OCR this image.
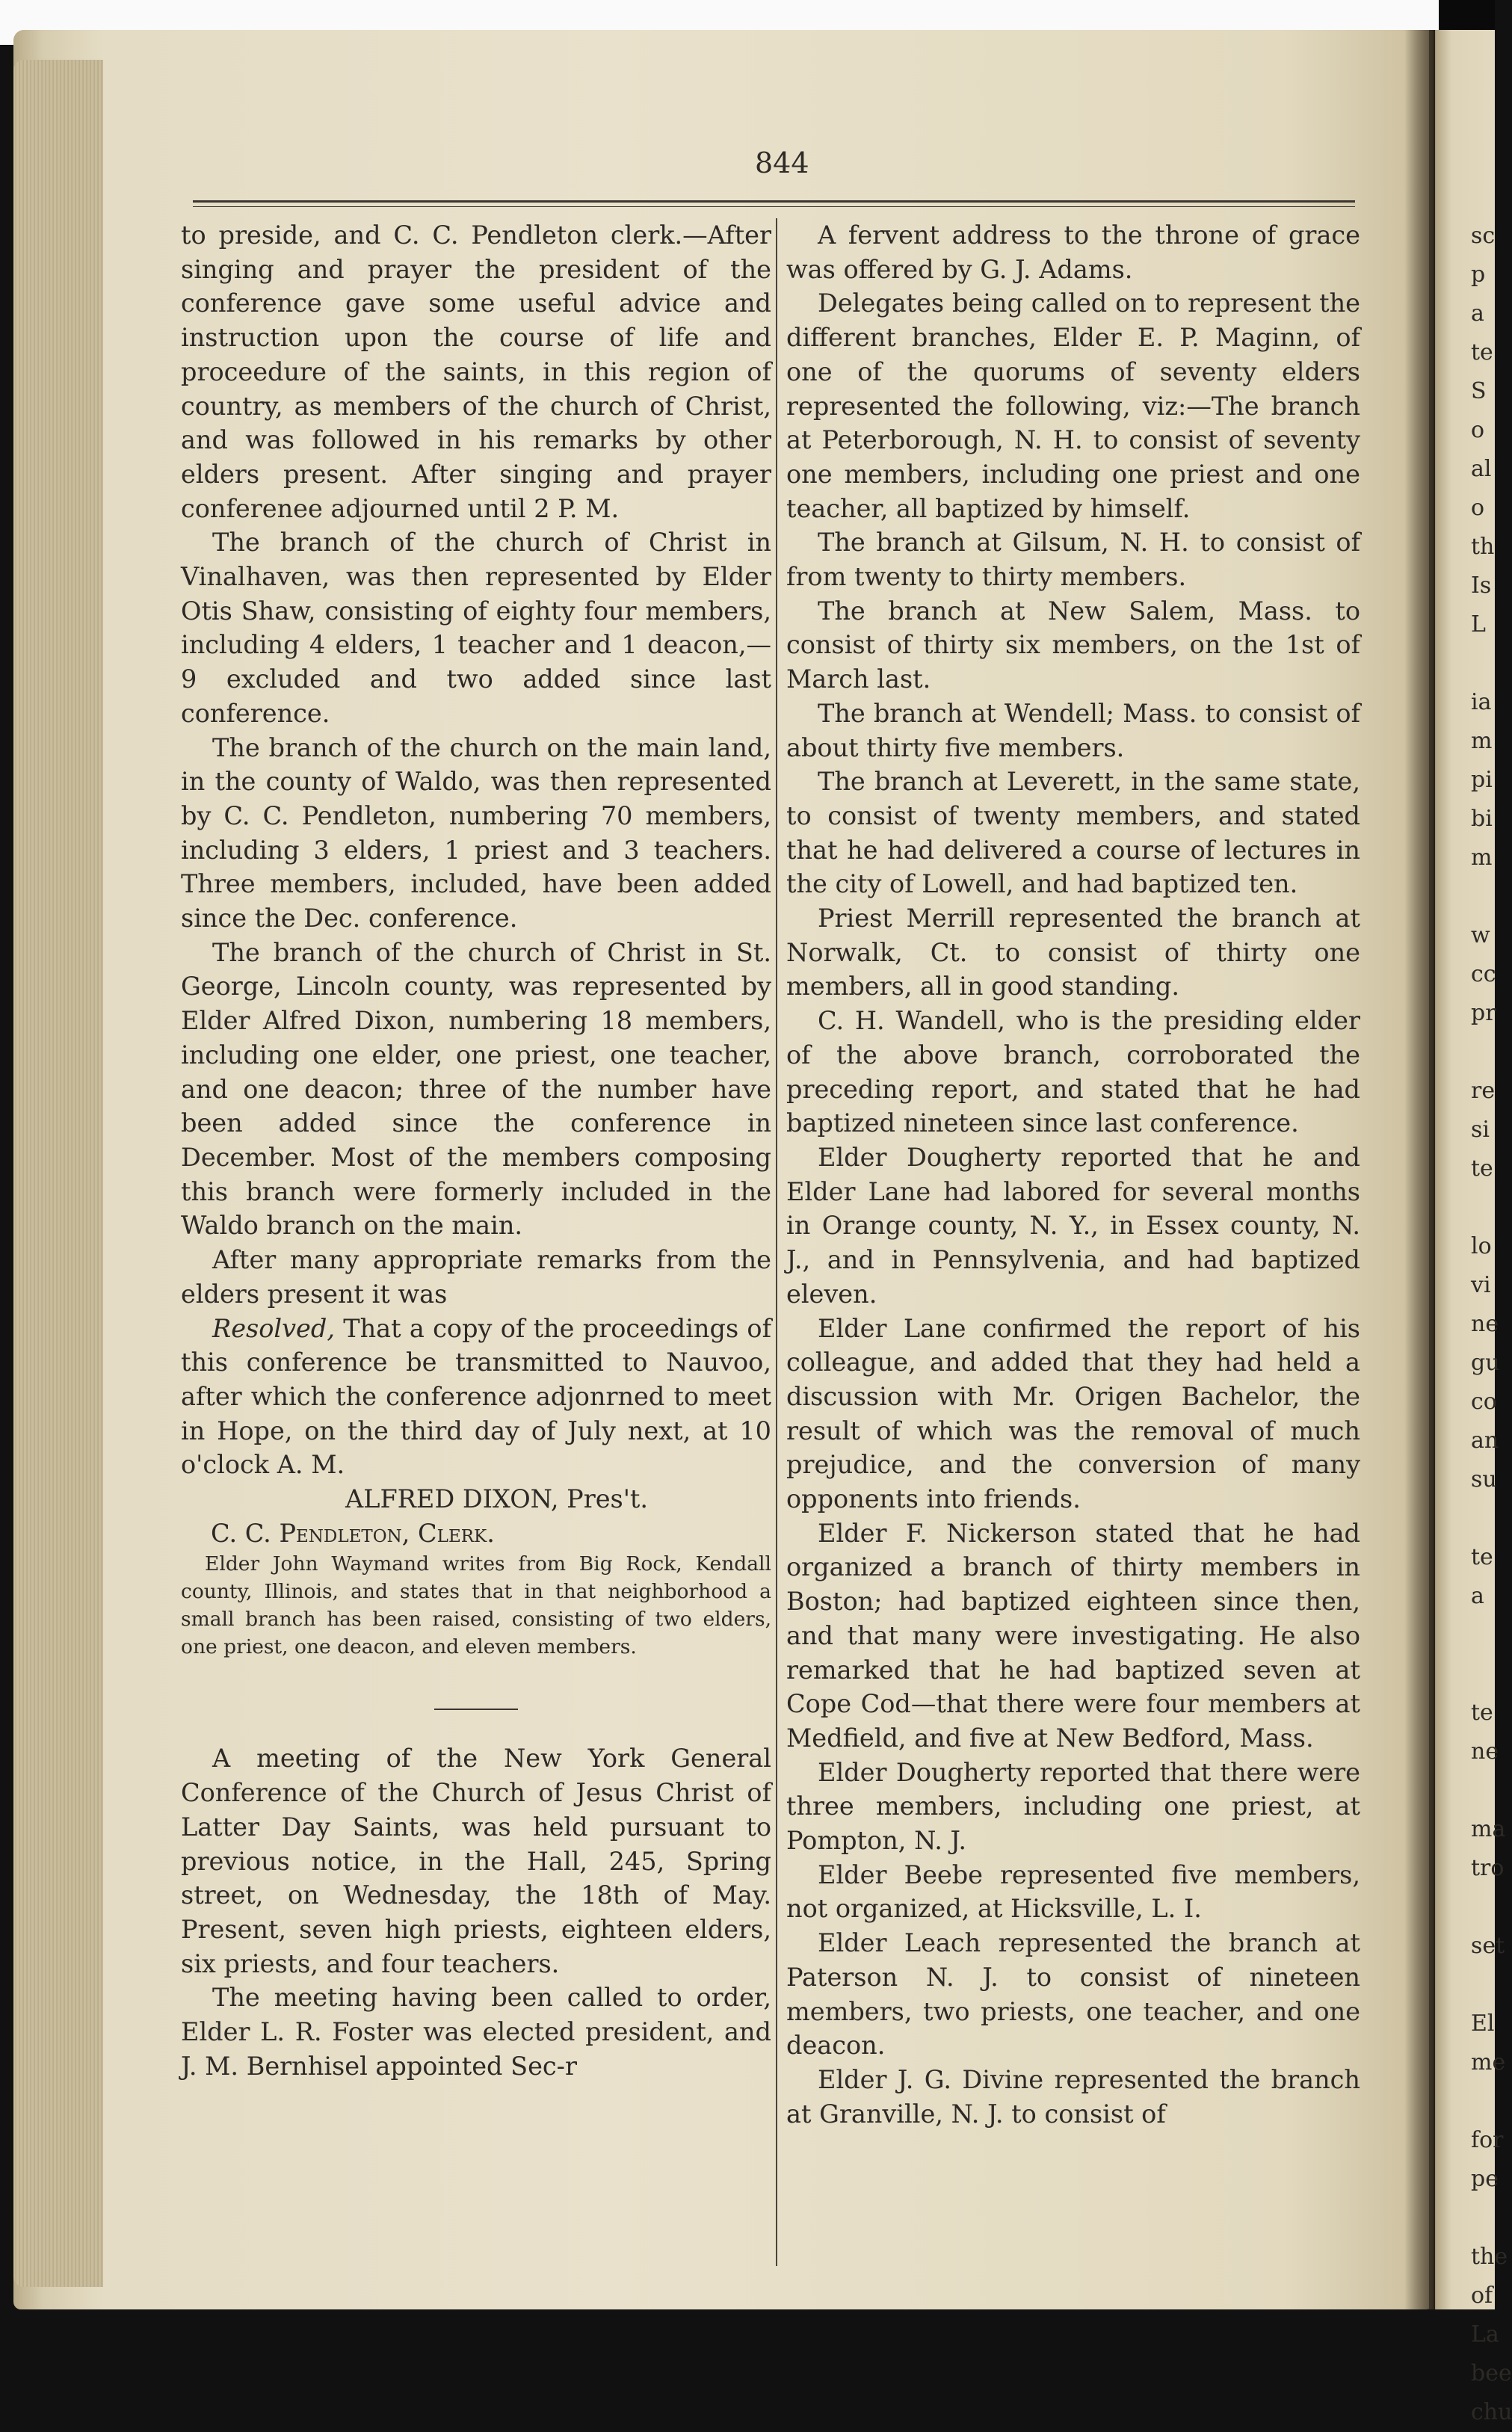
sc
p
a
te
S
o
al
o
th
Is
L
ia
m
pi
bi
m
w
cc
pr
re
si
te
lo
vi
ne
gu
co
an
su
te
a
te
ne
ma
tro
set
El
me
for
pe
the
of
La
bee
chu
844

to preside, and C. C. Pendleton clerk.—After singing and prayer the president of the conference gave some useful advice and instruction upon the course of life and proceedure of the saints, in this region of country, as members of the church of Christ, and was followed in his remarks by other elders present. After singing and prayer conferenee adjourned until 2 P. M.

The branch of the church of Christ in Vinalhaven, was then represented by Elder Otis Shaw, consisting of eighty four members, including 4 elders, 1 teacher and 1 deacon,—9 excluded and two added since last conference.

The branch of the church on the main land, in the county of Waldo, was then represented by C. C. Pendleton, numbering 70 members, including 3 elders, 1 priest and 3 teachers. Three members, included, have been added since the Dec. conference.

The branch of the church of Christ in St. George, Lincoln county, was represented by Elder Alfred Dixon, numbering 18 members, including one elder, one priest, one teacher, and one deacon; three of the number have been added since the conference in December. Most of the members composing this branch were formerly included in the Waldo branch on the main.

After many appropriate remarks from the elders present it was

Resolved, That a copy of the proceedings of this conference be transmitted to Nauvoo, after which the conference adjonrned to meet in Hope, on the third day of July next, at 10 o'clock A. M.

ALFRED DIXON, Pres't.

C. C. Pendleton, Clerk.

Elder John Waymand writes from Big Rock, Kendall county, Illinois, and states that in that neighborhood a small branch has been raised, consisting of two elders, one priest, one deacon, and eleven members.

A meeting of the New York General Conference of the Church of Jesus Christ of Latter Day Saints, was held pursuant to previous notice, in the Hall, 245, Spring street, on Wednesday, the 18th of May. Present, seven high priests, eighteen elders, six priests, and four teachers.

The meeting having been called to order, Elder L. R. Foster was elected president, and J. M. Bernhisel appointed Sec-r

A fervent address to the throne of grace was offered by G. J. Adams.

Delegates being called on to represent the different branches, Elder E. P. Maginn, of one of the quorums of seventy elders represented the following, viz:—The branch at Peterborough, N. H. to consist of seventy one members, including one priest and one teacher, all baptized by himself.

The branch at Gilsum, N. H. to consist of from twenty to thirty members.

The branch at New Salem, Mass. to consist of thirty six members, on the 1st of March last.

The branch at Wendell; Mass. to consist of about thirty five members.

The branch at Leverett, in the same state, to consist of twenty members, and stated that he had delivered a course of lectures in the city of Lowell, and had baptized ten.

Priest Merrill represented the branch at Norwalk, Ct. to consist of thirty one members, all in good standing.

C. H. Wandell, who is the presiding elder of the above branch, corroborated the preceding report, and stated that he had baptized nineteen since last conference.

Elder Dougherty reported that he and Elder Lane had labored for several months in Orange county, N. Y., in Essex county, N. J., and in Pennsylvenia, and had baptized eleven.

Elder Lane confirmed the report of his colleague, and added that they had held a discussion with Mr. Origen Bachelor, the result of which was the removal of much prejudice, and the conversion of many opponents into friends.

Elder F. Nickerson stated that he had organized a branch of thirty members in Boston; had baptized eighteen since then, and that many were investigating. He also remarked that he had baptized seven at Cope Cod—that there were four members at Medfield, and five at New Bedford, Mass.

Elder Dougherty reported that there were three members, including one priest, at Pompton, N. J.

Elder Beebe represented five members, not organized, at Hicksville, L. I.

Elder Leach represented the branch at Paterson N. J. to consist of nineteen members, two priests, one teacher, and one deacon.

Elder J. G. Divine represented the branch at Granville, N. J. to consist of
